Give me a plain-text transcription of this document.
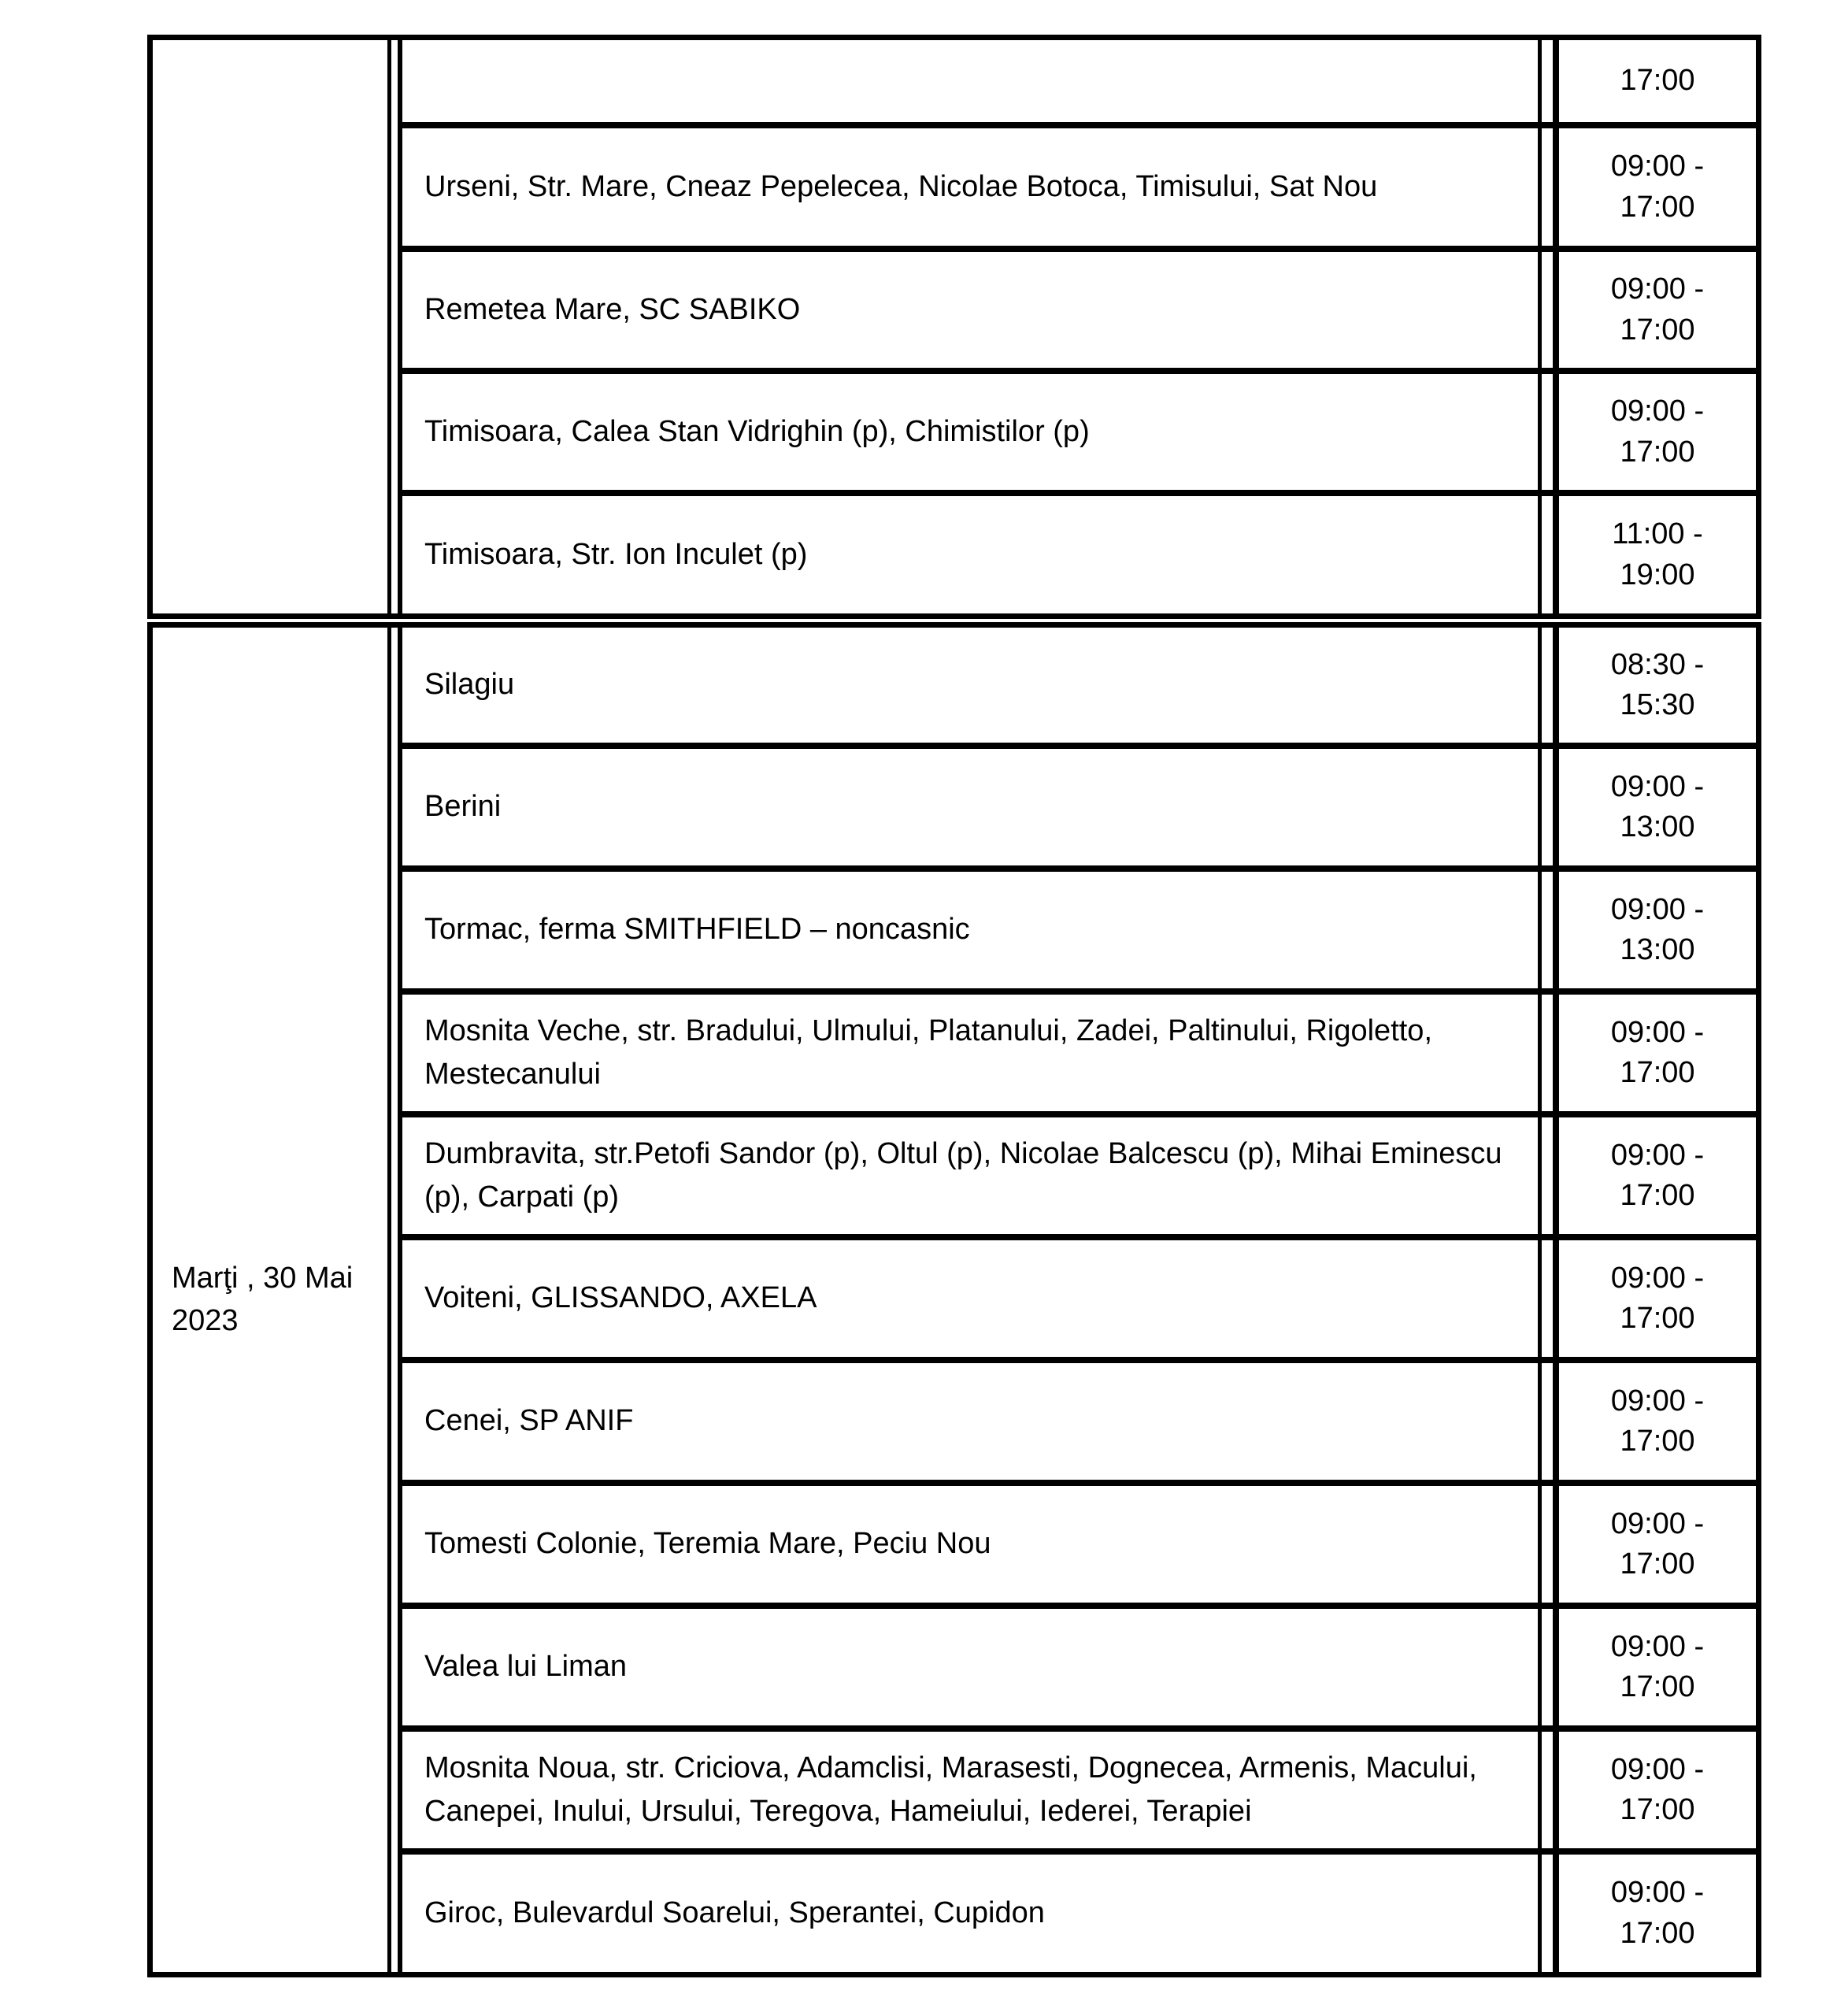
17:00
Urseni, Str. Mare, Cneaz Pepelecea, Nicolae Botoca, Timisului, Sat Nou
09:00 - 17:00
Remetea Mare, SC SABIKO
09:00 - 17:00
Timisoara, Calea Stan Vidrighin (p), Chimistilor (p)
09:00 - 17:00
Timisoara, Str. Ion Inculet (p)
11:00 - 19:00
Marţi , 30 Mai 2023
Silagiu
08:30 - 15:30
Berini
09:00 - 13:00
Tormac, ferma SMITHFIELD – noncasnic
09:00 - 13:00
Mosnita Veche, str. Bradului, Ulmului, Platanului, Zadei, Paltinului, Rigoletto, Mestecanului
09:00 - 17:00
Dumbravita, str.Petofi Sandor (p), Oltul (p), Nicolae Balcescu (p), Mihai Eminescu (p), Carpati (p)
09:00 - 17:00
Voiteni, GLISSANDO, AXELA
09:00 - 17:00
Cenei, SP ANIF
09:00 - 17:00
Tomesti Colonie, Teremia Mare, Peciu Nou
09:00 - 17:00
Valea lui Liman
09:00 - 17:00
Mosnita Noua, str. Criciova, Adamclisi, Marasesti, Dognecea, Armenis, Macului, Canepei, Inului, Ursului, Teregova, Hameiului, Iederei, Terapiei
09:00 - 17:00
Giroc, Bulevardul Soarelui, Sperantei, Cupidon
09:00 - 17:00
